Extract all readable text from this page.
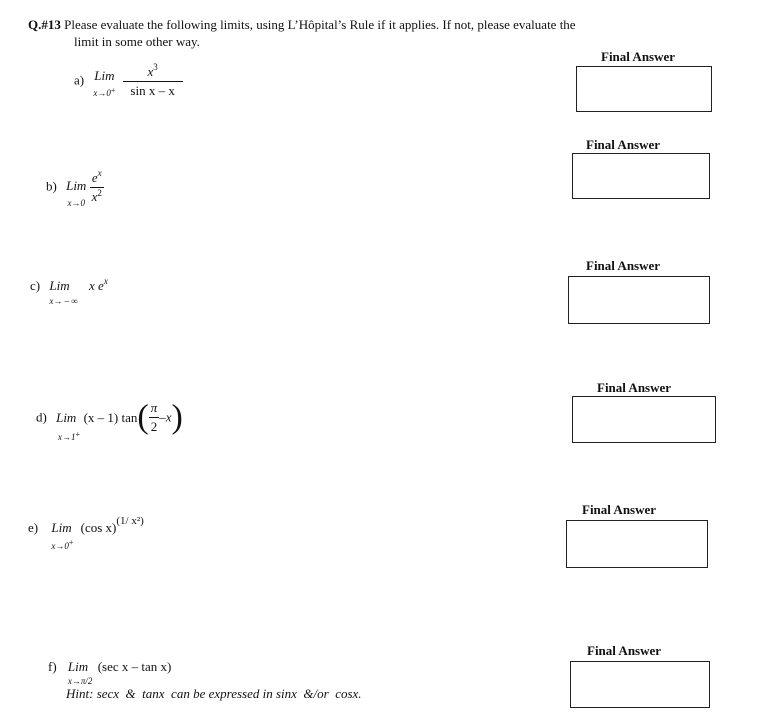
Q.#13 Please evaluate the following limits, using L’Hôpital’s Rule if it applies. If not, please evaluate the
limit in some other way.
a) Lim
$x\to 0^+ \frac{x^3}{\text{sin x – x}}$
Final Answer
b) Lim
$x\to 0 \frac{e^x}{x^2}$
Final Answer
c) Lim
x→ – ∞ x $e^x$
Final Answer
d) Lim (x – 1) $\tan( \frac{\pi}{2} -x)$
x→1+
Final Answer
e) Lim
x→0+ (cos x)$^{(1/ x^2)}$
Final Answer
f) Lim
$^{x\to\pi/2}$ (sec x – tan x)
Hint: secx  &  tanx  can be expressed in sinx  &/or  cosx.
Final Answer
